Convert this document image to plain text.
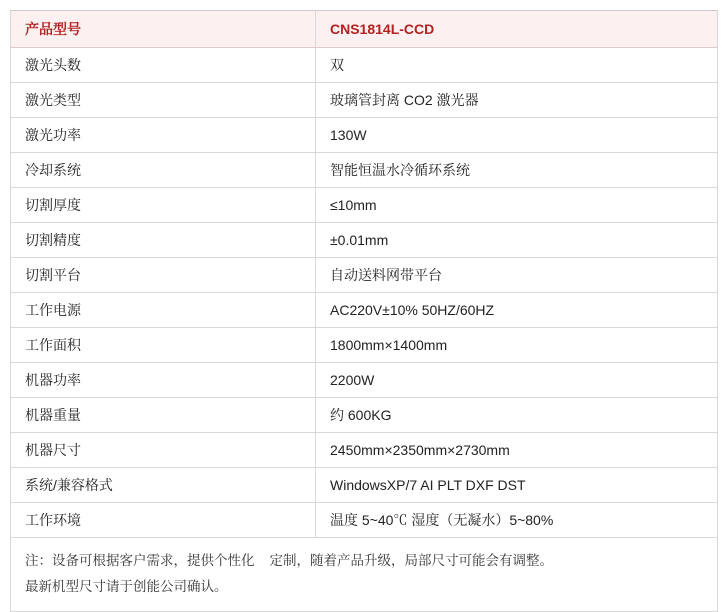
产品型号	CNS1814L-CCD
激光头数	双
激光类型	玻璃管封离 CO2 激光器
激光功率	130W
冷却系统	智能恒温水冷循环系统
切割厚度	≤10mm
切割精度	±0.01mm
切割平台	自动送料网带平台
工作电源	AC220V±10% 50HZ/60HZ
工作面积	1800mm×1400mm
机器功率	2200W
机器重量	约 600KG
机器尺寸	2450mm×2350mm×2730mm
系统/兼容格式	WindowsXP/7 AI PLT DXF DST
工作环境	温度 5~40℃ 湿度（无凝水）5~80%

注：设备可根据客户需求，提供个性化    定制，随着产品升级，局部尺寸可能会有调整。
最新机型尺寸请于创能公司确认。	
